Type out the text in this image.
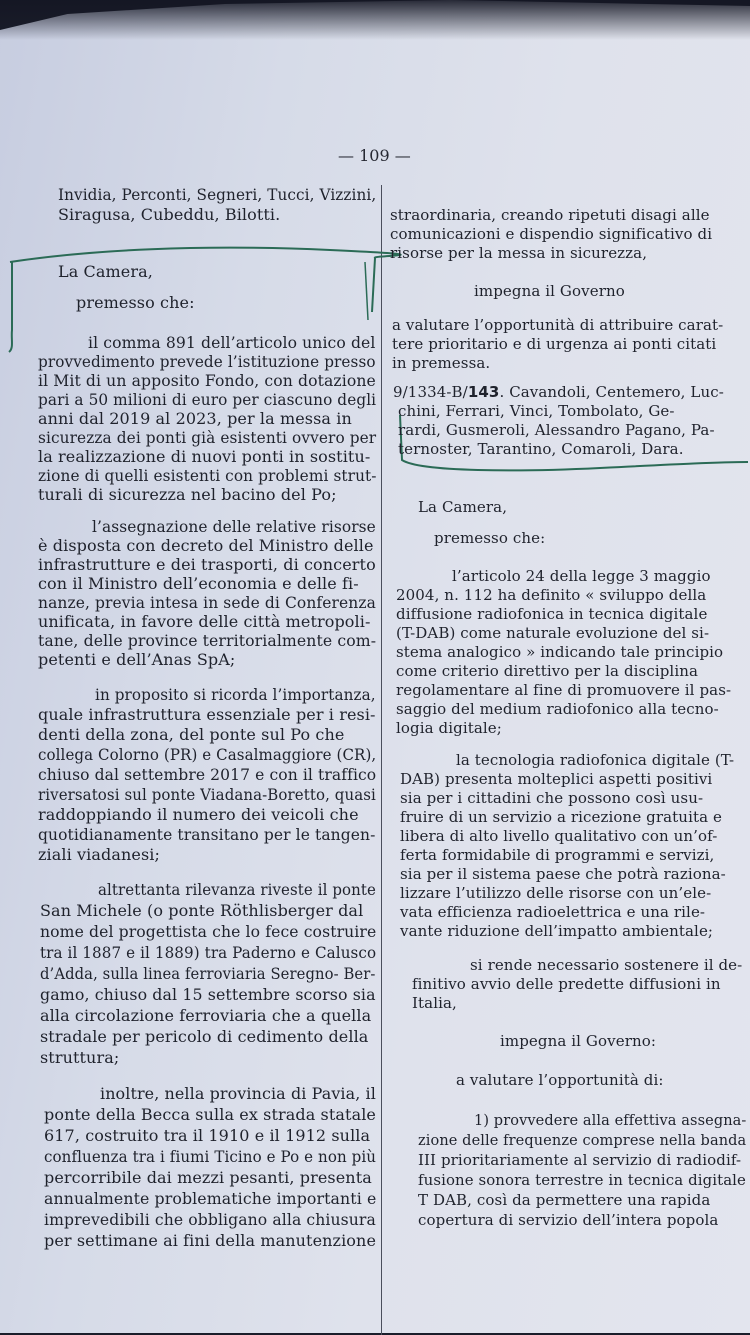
— 109 —
Invidia, Perconti, Segneri, Tucci, Vizzini,
Siragusa, Cubeddu, Bilotti.
La Camera,
premesso che:
il comma 891 dell’articolo unico del
provvedimento prevede l’istituzione presso
il Mit di un apposito Fondo, con dotazione
pari a 50 milioni di euro per ciascuno degli
anni dal 2019 al 2023, per la messa in
sicurezza dei ponti già esistenti ovvero per
la realizzazione di nuovi ponti in sostitu-
zione di quelli esistenti con problemi strut-
turali di sicurezza nel bacino del Po;
l’assegnazione delle relative risorse
è disposta con decreto del Ministro delle
infrastrutture e dei trasporti, di concerto
con il Ministro dell’economia e delle fi-
nanze, previa intesa in sede di Conferenza
unificata, in favore delle città metropoli-
tane, delle province territorialmente com-
petenti e dell’Anas SpA;
in proposito si ricorda l’importanza,
quale infrastruttura essenziale per i resi-
denti della zona, del ponte sul Po che
collega Colorno (PR) e Casalmaggiore (CR),
chiuso dal settembre 2017 e con il traffico
riversatosi sul ponte Viadana-Boretto, quasi
raddoppiando il numero dei veicoli che
quotidianamente transitano per le tangen-
ziali viadanesi;
altrettanta rilevanza riveste il ponte
San Michele (o ponte Röthlisberger dal
nome del progettista che lo fece costruire
tra il 1887 e il 1889) tra Paderno e Calusco
d’Adda, sulla linea ferroviaria Seregno- Ber-
gamo, chiuso dal 15 settembre scorso sia
alla circolazione ferroviaria che a quella
stradale per pericolo di cedimento della
struttura;
inoltre, nella provincia di Pavia, il
ponte della Becca sulla ex strada statale
617, costruito tra il 1910 e il 1912 sulla
confluenza tra i fiumi Ticino e Po e non più
percorribile dai mezzi pesanti, presenta
annualmente problematiche importanti e
imprevedibili che obbligano alla chiusura
per settimane ai fini della manutenzione
straordinaria, creando ripetuti disagi alle
comunicazioni e dispendio significativo di
risorse per la messa in sicurezza,
impegna il Governo
a valutare l’opportunità di attribuire carat-
tere prioritario e di urgenza ai ponti citati
in premessa.
9/1334-B/143. Cavandoli, Centemero, Luc-
chini, Ferrari, Vinci, Tombolato, Ge-
rardi, Gusmeroli, Alessandro Pagano, Pa-
ternoster, Tarantino, Comaroli, Dara.
La Camera,
premesso che:
l’articolo 24 della legge 3 maggio
2004, n. 112 ha definito « sviluppo della
diffusione radiofonica in tecnica digitale
(T-DAB) come naturale evoluzione del si-
stema analogico » indicando tale principio
come criterio direttivo per la disciplina
regolamentare al fine di promuovere il pas-
saggio del medium radiofonico alla tecno-
logia digitale;
la tecnologia radiofonica digitale (T-
DAB) presenta molteplici aspetti positivi
sia per i cittadini che possono così usu-
fruire di un servizio a ricezione gratuita e
libera di alto livello qualitativo con un’of-
ferta formidabile di programmi e servizi,
sia per il sistema paese che potrà raziona-
lizzare l’utilizzo delle risorse con un’ele-
vata efficienza radioelettrica e una rile-
vante riduzione dell’impatto ambientale;
si rende necessario sostenere il de-
finitivo avvio delle predette diffusioni in
Italia,
impegna il Governo:
a valutare l’opportunità di:
1) provvedere alla effettiva assegna-
zione delle frequenze comprese nella banda
III prioritariamente al servizio di radiodif-
fusione sonora terrestre in tecnica digitale
T DAB, così da permettere una rapida
copertura di servizio dell’intera popola
